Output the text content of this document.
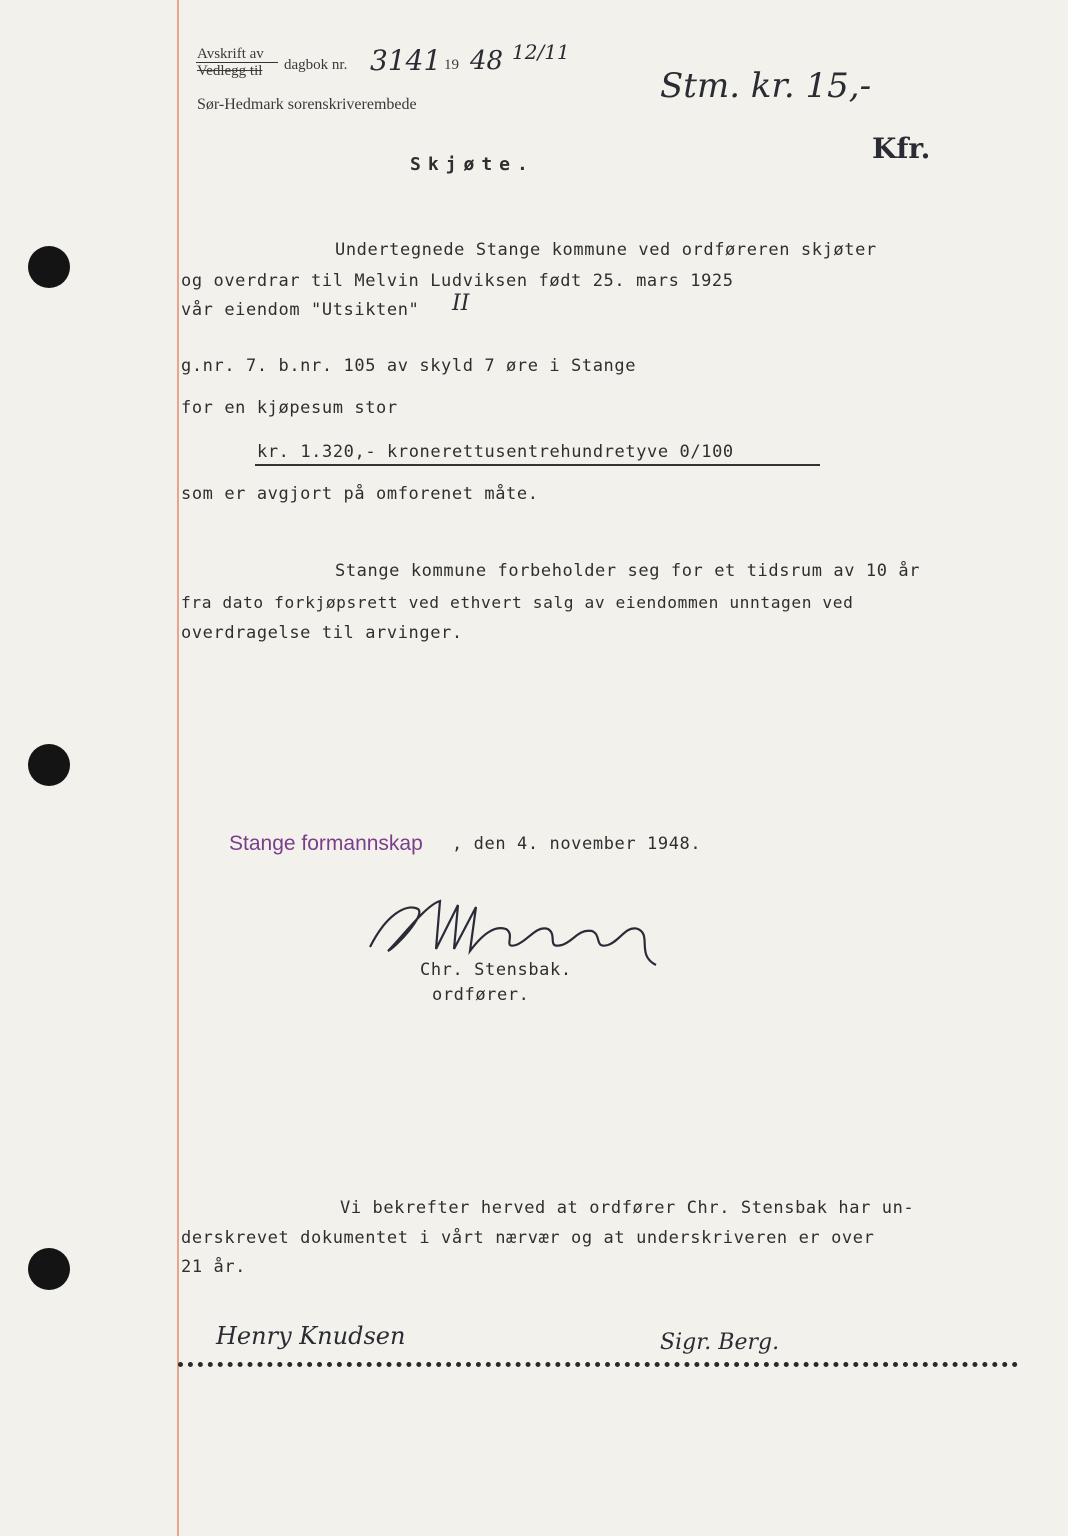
Avskrift av
Vedlegg til dagbok nr. 3141 19 48 12/11
Sør-Hedmark sorenskriverembede	Stm. kr. 15,-
Kfr.
Skjøte.
Undertegnede Stange kommune ved ordføreren skjøter
og overdrar til Melvin Ludviksen født 25. mars 1925
vår eiendom "Utsikten" II
g.nr. 7. b.nr. 105 av skyld 7 øre i Stange
for en kjøpesum stor
kr. 1.320,- kronerettusentrehundretyve 0/100
som er avgjort på omforenet måte.
Stange kommune forbeholder seg for et tidsrum av 10 år
fra dato forkjøpsrett ved ethvert salg av eiendommen unntagen ved
overdragelse til arvinger.
Stange formannskap , den 4. november 1948.
Chr. Stensbak.
ordfører.
Vi bekrefter herved at ordfører Chr. Stensbak har un-
derskrevet dokumentet i vårt nærvær og at underskriveren er over
21 år.
Henry Knudsen	Sigr. Berg.
